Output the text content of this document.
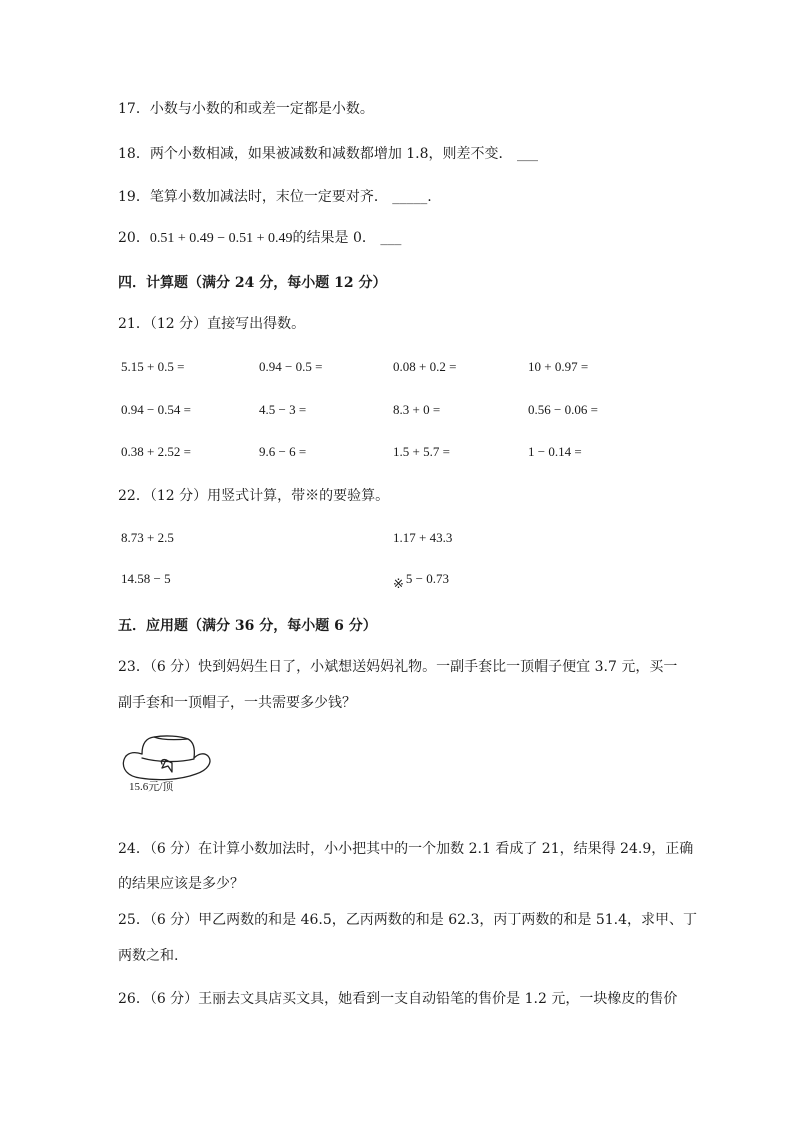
17．小数与小数的和或差一定都是小数。
18．两个小数相减，如果被减数和减数都增加 1.8，则差不变． ___
19．笔算小数加减法时，末位一定要对齐． _____.
20．0.51 + 0.49 − 0.51 + 0.49的结果是 0． ___
四．计算题（满分 24 分，每小题 12 分）
21．（12 分）直接写出得数。
5.15 + 0.5 =	0.94 − 0.5 =	0.08 + 0.2 =	10 + 0.97 =
0.94 − 0.54 =	4.5 − 3 =	8.3 + 0 =	0.56 − 0.06 =
0.38 + 2.52 =	9.6 − 6 =	1.5 + 5.7 =	1 − 0.14 =
22．（12 分）用竖式计算，带※的要验算。
8.73 + 2.5	1.17 + 43.3
14.58 − 5	※ 5 − 0.73
五．应用题（满分 36 分，每小题 6 分）
23．（6 分）快到妈妈生日了，小斌想送妈妈礼物。一副手套比一顶帽子便宜 3.7 元，买一
副手套和一顶帽子，一共需要多少钱？
15.6元/顶
24．（6 分）在计算小数加法时，小小把其中的一个加数 2.1 看成了 21，结果得 24.9，正确
的结果应该是多少？
25．（6 分）甲乙两数的和是 46.5，乙丙两数的和是 62.3，丙丁两数的和是 51.4，求甲、丁
两数之和.
26．（6 分）王丽去文具店买文具，她看到一支自动铅笔的售价是 1.2 元，一块橡皮的售价
